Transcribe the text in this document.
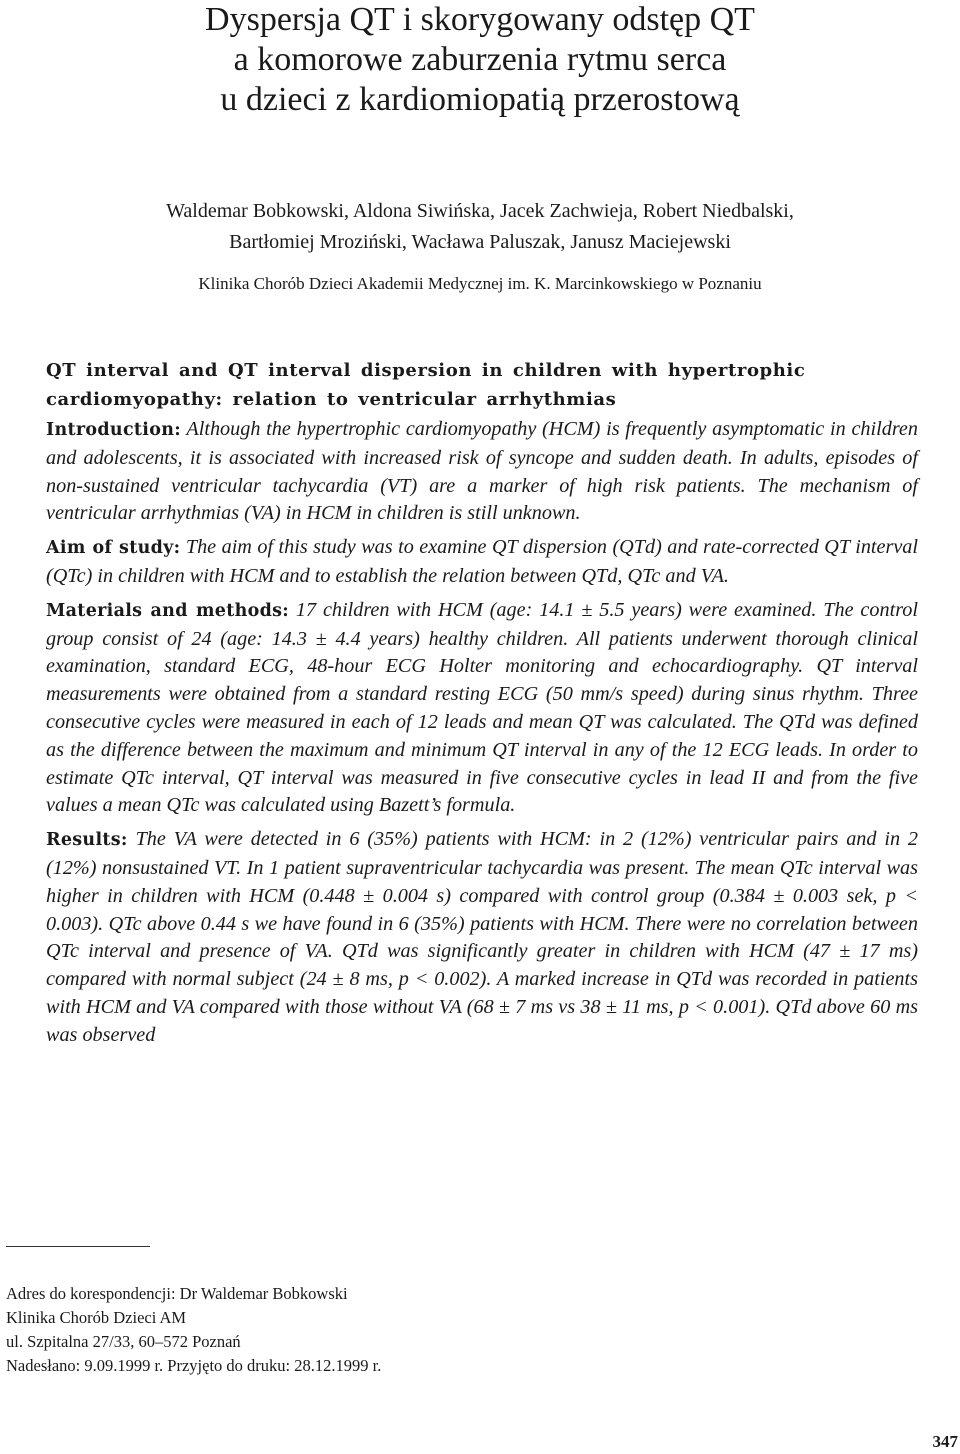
Dyspersja QT i skorygowany odstęp QT
a komorowe zaburzenia rytmu serca
u dzieci z kardiomiopatią przerostową
Waldemar Bobkowski, Aldona Siwińska, Jacek Zachwieja, Robert Niedbalski,
Bartłomiej Mroziński, Wacława Paluszak, Janusz Maciejewski
Klinika Chorób Dzieci Akademii Medycznej im. K. Marcinkowskiego w Poznaniu
QT interval and QT interval dispersion in children with hypertrophic cardiomyopathy: relation to ventricular arrhythmias

Introduction: Although the hypertrophic cardiomyopathy (HCM) is frequently asymptomatic in children and adolescents, it is associated with increased risk of syncope and sudden death. In adults, episodes of non-sustained ventricular tachycardia (VT) are a marker of high risk patients. The mechanism of ventricular arrhythmias (VA) in HCM in children is still unknown.

Aim of study: The aim of this study was to examine QT dispersion (QTd) and rate-corrected QT interval (QTc) in children with HCM and to establish the relation between QTd, QTc and VA.

Materials and methods: 17 children with HCM (age: 14.1 ± 5.5 years) were examined. The control group consist of 24 (age: 14.3 ± 4.4 years) healthy children. All patients underwent thorough clinical examination, standard ECG, 48-hour ECG Holter monitoring and echocardiography. QT interval measurements were obtained from a standard resting ECG (50 mm/s speed) during sinus rhythm. Three consecutive cycles were measured in each of 12 leads and mean QT was calculated. The QTd was defined as the difference between the maximum and minimum QT interval in any of the 12 ECG leads. In order to estimate QTc interval, QT interval was measured in five consecutive cycles in lead II and from the five values a mean QTc was calculated using Bazett’s formula.

Results: The VA were detected in 6 (35%) patients with HCM: in 2 (12%) ventricular pairs and in 2 (12%) nonsustained VT. In 1 patient supraventricular tachycardia was present. The mean QTc interval was higher in children with HCM (0.448 ± 0.004 s) compared with control group (0.384 ± 0.003 sek, p < 0.003). QTc above 0.44 s we have found in 6 (35%) patients with HCM. There were no correlation between QTc interval and presence of VA. QTd was significantly greater in children with HCM (47 ± 17 ms) compared with normal subject (24 ± 8 ms, p < 0.002). A marked increase in QTd was recorded in patients with HCM and VA compared with those without VA (68 ± 7 ms vs 38 ± 11 ms, p < 0.001). QTd above 60 ms was observed

Adres do korespondencji: Dr Waldemar Bobkowski
Klinika Chorób Dzieci AM
ul. Szpitalna 27/33, 60–572 Poznań
Nadesłano: 9.09.1999 r. Przyjęto do druku: 28.12.1999 r.
347
